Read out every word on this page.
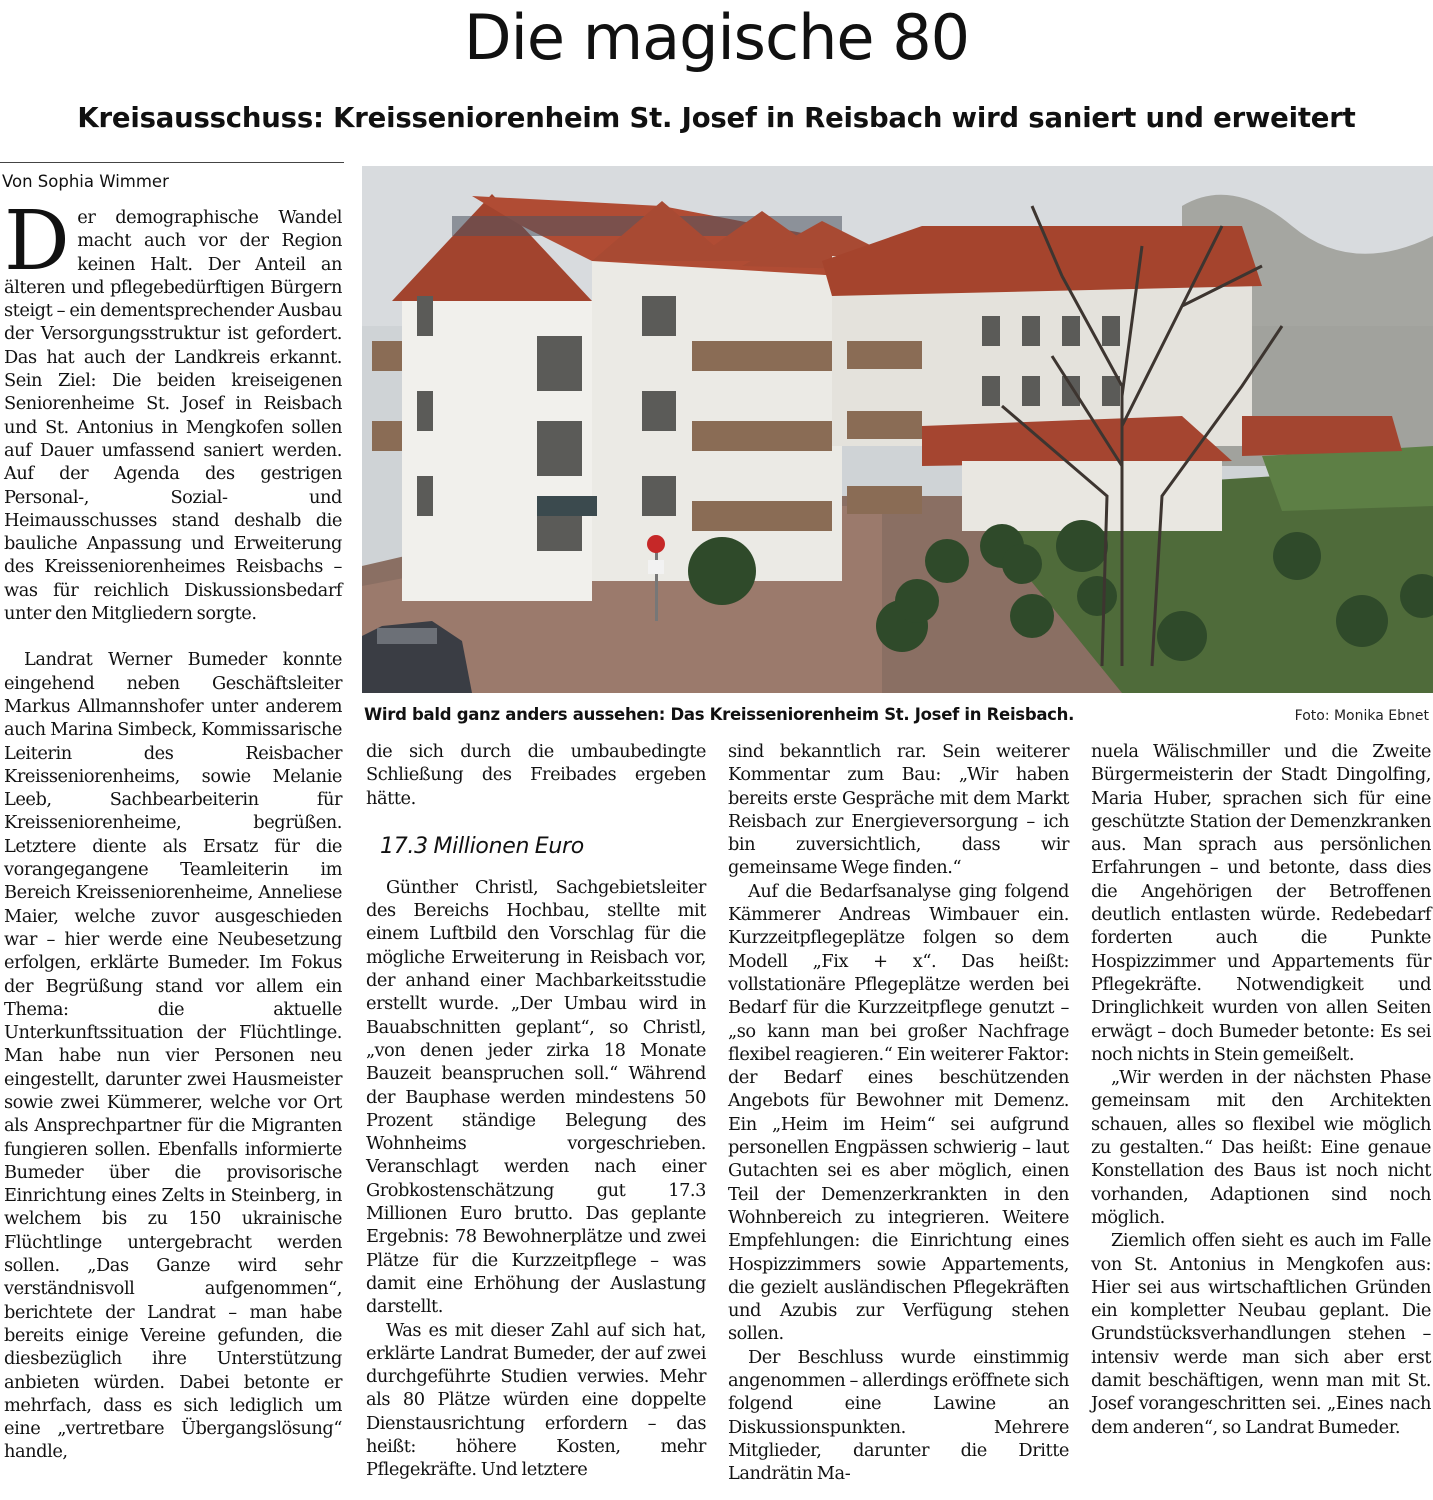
Die magische 80
Kreisausschuss: Kreisseniorenheim St. Josef in Reisbach wird saniert und erweitert
Von Sophia Wimmer

Der demographische Wandel macht auch vor der Region keinen Halt. Der Anteil an älteren und pflegebedürftigen Bürgern steigt – ein dementsprechender Ausbau der Versorgungsstruktur ist gefordert. Das hat auch der Landkreis erkannt. Sein Ziel: Die beiden kreiseigenen Seniorenheime St. Josef in Reisbach und St. Antonius in Mengkofen sollen auf Dauer umfassend saniert werden. Auf der Agenda des gestrigen Personal-, Sozial- und Heimausschusses stand deshalb die bauliche Anpassung und Erweiterung des Kreisseniorenheimes Reisbachs – was für reichlich Diskussionsbedarf unter den Mitgliedern sorgte.

Landrat Werner Bumeder konnte eingehend neben Geschäftsleiter Markus Allmannshofer unter anderem auch Marina Simbeck, Kommissarische Leiterin des Reisbacher Kreisseniorenheims, sowie Melanie Leeb, Sachbearbeiterin für Kreisseniorenheime, begrüßen. Letztere diente als Ersatz für die vorangegangene Teamleiterin im Bereich Kreisseniorenheime, Anneliese Maier, welche zuvor ausgeschieden war – hier werde eine Neubesetzung erfolgen, erklärte Bumeder. Im Fokus der Begrüßung stand vor allem ein Thema: die aktuelle Unterkunftssituation der Flüchtlinge. Man habe nun vier Personen neu eingestellt, darunter zwei Hausmeister sowie zwei Kümmerer, welche vor Ort als Ansprechpartner für die Migranten fungieren sollen. Ebenfalls informierte Bumeder über die provisorische Einrichtung eines Zelts in Steinberg, in welchem bis zu 150 ukrainische Flüchtlinge untergebracht werden sollen. „Das Ganze wird sehr verständnisvoll aufgenommen“, berichtete der Landrat – man habe bereits einige Vereine gefunden, die diesbezüglich ihre Unterstützung anbieten würden. Dabei betonte er mehrfach, dass es sich lediglich um eine „vertretbare Übergangslösung“ handle,

Wird bald ganz anders aussehen: Das Kreisseniorenheim St. Josef in Reisbach.	Foto: Monika Ebnet

die sich durch die umbaubedingte Schließung des Freibades ergeben hätte.

17.3 Millionen Euro

Günther Christl, Sachgebietsleiter des Bereichs Hochbau, stellte mit einem Luftbild den Vorschlag für die mögliche Erweiterung in Reisbach vor, der anhand einer Machbarkeitsstudie erstellt wurde. „Der Umbau wird in Bauabschnitten geplant“, so Christl, „von denen jeder zirka 18 Monate Bauzeit beanspruchen soll.“ Während der Bauphase werden mindestens 50 Prozent ständige Belegung des Wohnheims vorgeschrieben. Veranschlagt werden nach einer Grobkostenschätzung gut 17.3 Millionen Euro brutto. Das geplante Ergebnis: 78 Bewohnerplätze und zwei Plätze für die Kurzzeitpflege – was damit eine Erhöhung der Auslastung darstellt.

Was es mit dieser Zahl auf sich hat, erklärte Landrat Bumeder, der auf zwei durchgeführte Studien verwies. Mehr als 80 Plätze würden eine doppelte Dienstausrichtung erfordern – das heißt: höhere Kosten, mehr Pflegekräfte. Und letztere

sind bekanntlich rar. Sein weiterer Kommentar zum Bau: „Wir haben bereits erste Gespräche mit dem Markt Reisbach zur Energieversorgung – ich bin zuversichtlich, dass wir gemeinsame Wege finden.“

Auf die Bedarfsanalyse ging folgend Kämmerer Andreas Wimbauer ein. Kurzzeitpflegeplätze folgen so dem Modell „Fix + x“. Das heißt: vollstationäre Pflegeplätze werden bei Bedarf für die Kurzzeitpflege genutzt – „so kann man bei großer Nachfrage flexibel reagieren.“ Ein weiterer Faktor: der Bedarf eines beschützenden Angebots für Bewohner mit Demenz. Ein „Heim im Heim“ sei aufgrund personellen Engpässen schwierig – laut Gutachten sei es aber möglich, einen Teil der Demenzerkrankten in den Wohnbereich zu integrieren. Weitere Empfehlungen: die Einrichtung eines Hospizzimmers sowie Appartements, die gezielt ausländischen Pflegekräften und Azubis zur Verfügung stehen sollen.

Der Beschluss wurde einstimmig angenommen – allerdings eröffnete sich folgend eine Lawine an Diskussionspunkten. Mehrere Mitglieder, darunter die Dritte Landrätin Ma-

nuela Wälischmiller und die Zweite Bürgermeisterin der Stadt Dingolfing, Maria Huber, sprachen sich für eine geschützte Station der Demenzkranken aus. Man sprach aus persönlichen Erfahrungen – und betonte, dass dies die Angehörigen der Betroffenen deutlich entlasten würde. Redebedarf forderten auch die Punkte Hospizzimmer und Appartements für Pflegekräfte. Notwendigkeit und Dringlichkeit wurden von allen Seiten erwägt – doch Bumeder betonte: Es sei noch nichts in Stein gemeißelt.

„Wir werden in der nächsten Phase gemeinsam mit den Architekten schauen, alles so flexibel wie möglich zu gestalten.“ Das heißt: Eine genaue Konstellation des Baus ist noch nicht vorhanden, Adaptionen sind noch möglich.

Ziemlich offen sieht es auch im Falle von St. Antonius in Mengkofen aus: Hier sei aus wirtschaftlichen Gründen ein kompletter Neubau geplant. Die Grundstücksverhandlungen stehen – intensiv werde man sich aber erst damit beschäftigen, wenn man mit St. Josef vorangeschritten sei. „Eines nach dem anderen“, so Landrat Bumeder.
